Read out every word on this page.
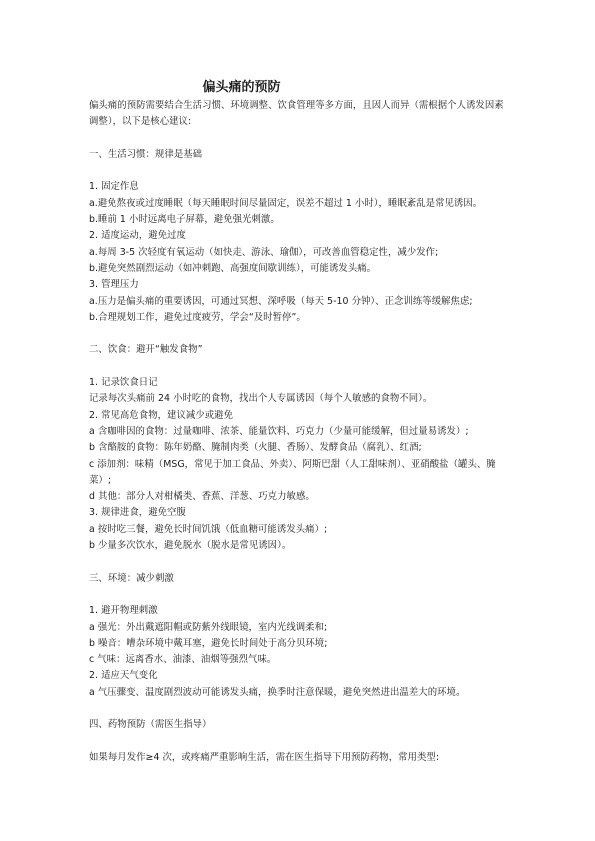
偏头痛的预防

偏头痛的预防需要结合生活习惯、环境调整、饮食管理等多方面，且因人而异（需根据个人诱发因素调整），以下是核心建议:

一、生活习惯：规律是基础

1. 固定作息

a.避免熬夜或过度睡眠（每天睡眠时间尽量固定，误差不超过 1 小时），睡眠紊乱是常见诱因。

b.睡前 1 小时远离电子屏幕，避免强光刺激。

2. 适度运动，避免过度

a.每周 3-5 次轻度有氧运动（如快走、游泳、瑜伽），可改善血管稳定性，减少发作;

b.避免突然剧烈运动（如冲刺跑、高强度间歇训练），可能诱发头痛。

3. 管理压力

a.压力是偏头痛的重要诱因，可通过冥想、深呼吸（每天 5-10 分钟）、正念训练等缓解焦虑;

b.合理规划工作，避免过度疲劳，学会“及时暂停”。

二、饮食：避开“触发食物”

1. 记录饮食日记

记录每次头痛前 24 小时吃的食物，找出个人专属诱因（每个人敏感的食物不同）。

2. 常见高危食物，建议减少或避免

a 含咖啡因的食物：过量咖啡、浓茶、能量饮料、巧克力（少量可能缓解，但过量易诱发）;

b 含酪胺的食物：陈年奶酪、腌制肉类（火腿、香肠）、发酵食品（腐乳）、红酒;

c 添加剂：味精（MSG，常见于加工食品、外卖）、阿斯巴甜（人工甜味剂）、亚硝酸盐（罐头、腌菜）;

d 其他：部分人对柑橘类、香蕉、洋葱、巧克力敏感。

3. 规律进食，避免空腹

a 按时吃三餐，避免长时间饥饿（低血糖可能诱发头痛）;

b 少量多次饮水，避免脱水（脱水是常见诱因）。

三、环境：减少刺激

1. 避开物理刺激

a 强光：外出戴遮阳帽或防紫外线眼镜，室内光线调柔和;

b 噪音：嘈杂环境中戴耳塞，避免长时间处于高分贝环境;

c 气味：远离香水、油漆、油烟等强烈气味。

2. 适应天气变化

a 气压骤变、温度剧烈波动可能诱发头痛，换季时注意保暖，避免突然进出温差大的环境。

四、药物预防（需医生指导）

如果每月发作≥4 次，或疼痛严重影响生活，需在医生指导下用预防药物，常用类型:
